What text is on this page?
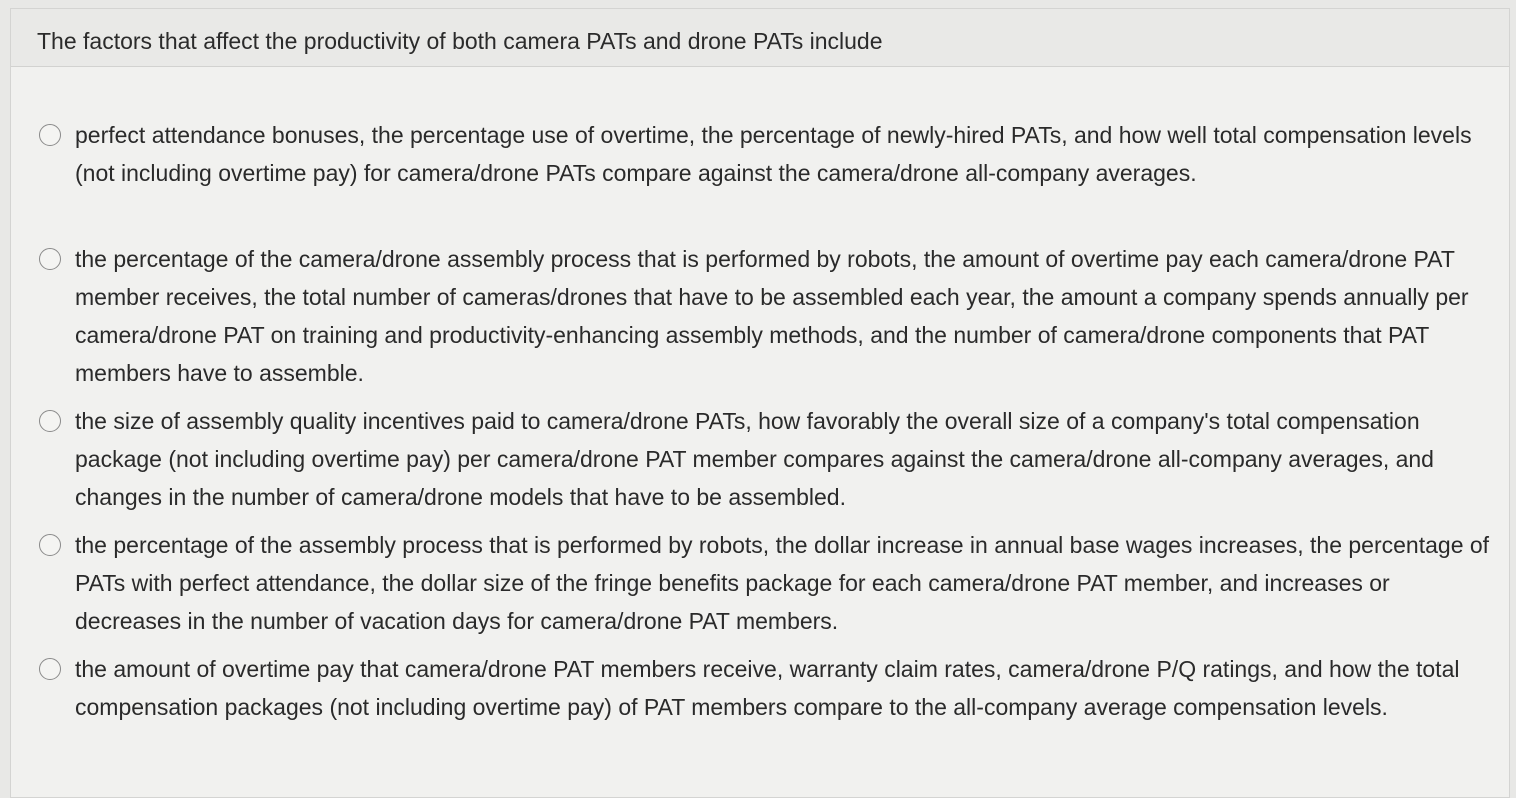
The factors that affect the productivity of both camera PATs and drone PATs include
perfect attendance bonuses, the percentage use of overtime, the percentage of newly-hired PATs, and how well total compensation levels (not including overtime pay) for camera/drone PATs compare against the camera/drone all-company averages.
the percentage of the camera/drone assembly process that is performed by robots, the amount of overtime pay each camera/drone PAT member receives, the total number of cameras/drones that have to be assembled each year, the amount a company spends annually per camera/drone PAT on training and productivity-enhancing assembly methods, and the number of camera/drone components that PAT members have to assemble.
the size of assembly quality incentives paid to camera/drone PATs, how favorably the overall size of a company's total compensation package (not including overtime pay) per camera/drone PAT member compares against the camera/drone all-company averages, and changes in the number of camera/drone models that have to be assembled.
the percentage of the assembly process that is performed by robots, the dollar increase in annual base wages increases, the percentage of PATs with perfect attendance, the dollar size of the fringe benefits package for each camera/drone PAT member, and increases or decreases in the number of vacation days for camera/drone PAT members.
the amount of overtime pay that camera/drone PAT members receive, warranty claim rates, camera/drone P/Q ratings, and how the total compensation packages (not including overtime pay) of PAT members compare to the all-company average compensation levels.
